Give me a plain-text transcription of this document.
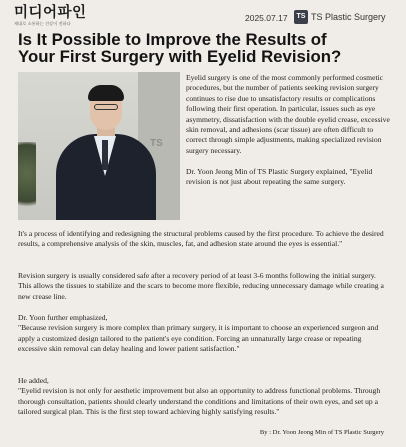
미디어파인
제대로 소통하는 건강이 전하다
2025.07.17	TS TS Plastic Surgery
Is It Possible to Improve the Results of
Your First Surgery with Eyelid Revision?
TS

Eyelid surgery is one of the most commonly performed cosmetic procedures, but the number of patients seeking revision surgery continues to rise due to unsatisfactory results or complications following their first operation. In particular, issues such as eye asymmetry, dissatisfaction with the double eyelid crease, excessive skin removal, and adhesions (scar tissue) are often difficult to correct through simple adjustments, making specialized revision surgery necessary.

Dr. Yoon Jeong Min of TS Plastic Surgery explained, "Eyelid revision is not just about repeating the same surgery.

It's a process of identifying and redesigning the structural problems caused by the first procedure. To achieve the desired results, a comprehensive analysis of the skin, muscles, fat, and adhesion state around the eyes is essential."

Revision surgery is usually considered safe after a recovery period of at least 3-6 months following the initial surgery. This allows the tissues to stabilize and the scars to become more flexible, reducing unnecessary damage while creating a new crease line.

Dr. Yoon further emphasized,

"Because revision surgery is more complex than primary surgery, it is important to choose an experienced surgeon and apply a customized design tailored to the patient's eye condition. Forcing an unnaturally large crease or repeating excessive skin removal can delay healing and lower patient satisfaction."

He added,

"Eyelid revision is not only for aesthetic improvement but also an opportunity to address functional problems. Through thorough consultation, patients should clearly understand the conditions and limitations of their own eyes, and set up a tailored surgical plan. This is the first step toward achieving highly satisfying results."

By : Dr. Yoon Jeong Min of TS Plastic Surgery
